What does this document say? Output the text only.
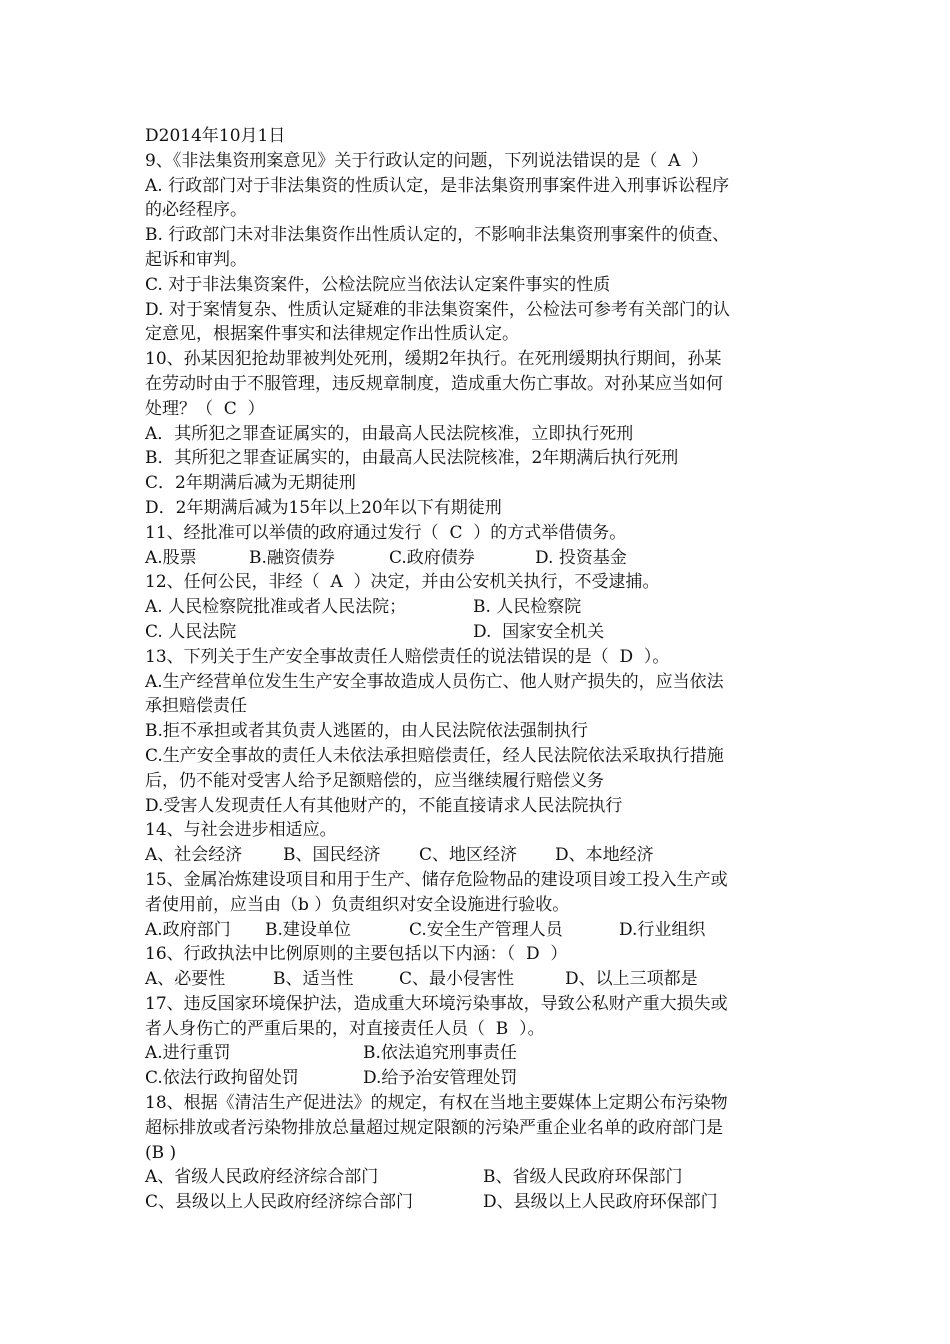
D2014年10月1日
9、《非法集资刑案意见》关于行政认定的问题，下列说法错误的是（  A  ）
A. 行政部门对于非法集资的性质认定，是非法集资刑事案件进入刑事诉讼程序
的必经程序。
B. 行政部门未对非法集资作出性质认定的，不影响非法集资刑事案件的侦查、
起诉和审判。
C. 对于非法集资案件，公检法院应当依法认定案件事实的性质
D. 对于案情复杂、性质认定疑难的非法集资案件，公检法可参考有关部门的认
定意见，根据案件事实和法律规定作出性质认定。
10、孙某因犯抢劫罪被判处死刑，缓期2年执行。在死刑缓期执行期间，孙某
在劳动时由于不服管理，违反规章制度，造成重大伤亡事故。对孙某应当如何
处理？（  C  ）
A．其所犯之罪查证属实的，由最高人民法院核准，立即执行死刑
B．其所犯之罪查证属实的，由最高人民法院核准，2年期满后执行死刑
C．2年期满后减为无期徒刑
D．2年期满后减为15年以上20年以下有期徒刑
11、经批准可以举债的政府通过发行（  C  ）的方式举借债务。
A.股票	B.融资债券	C.政府债券	D. 投资基金
12、任何公民，非经（  A  ）决定，并由公安机关执行，不受逮捕。
A. 人民检察院批准或者人民法院；	B. 人民检察院
C. 人民法院	D.  国家安全机关
13、下列关于生产安全事故责任人赔偿责任的说法错误的是（  D  ）。
A.生产经营单位发生生产安全事故造成人员伤亡、他人财产损失的，应当依法
承担赔偿责任
B.拒不承担或者其负责人逃匿的，由人民法院依法强制执行
C.生产安全事故的责任人未依法承担赔偿责任，经人民法院依法采取执行措施
后，仍不能对受害人给予足额赔偿的，应当继续履行赔偿义务
D.受害人发现责任人有其他财产的，不能直接请求人民法院执行
14、与社会进步相适应。
A、社会经济	B、国民经济	C、地区经济	D、本地经济
15、金属冶炼建设项目和用于生产、储存危险物品的建设项目竣工投入生产或
者使用前，应当由（b ）负责组织对安全设施进行验收。
A.政府部门	B.建设单位	C.安全生产管理人员	D.行业组织
16、行政执法中比例原则的主要包括以下内涵：（  D  ）
A、必要性	B、适当性	C、最小侵害性	D、以上三项都是
17、违反国家环境保护法，造成重大环境污染事故，导致公私财产重大损失或
者人身伤亡的严重后果的，对直接责任人员（  B  ）。
A.进行重罚	B.依法追究刑事责任
C.依法行政拘留处罚	D.给予治安管理处罚
18、根据《清洁生产促进法》的规定，有权在当地主要媒体上定期公布污染物
超标排放或者污染物排放总量超过规定限额的污染严重企业名单的政府部门是
(B )
A、省级人民政府经济综合部门	B、省级人民政府环保部门
C、县级以上人民政府经济综合部门	D、县级以上人民政府环保部门
